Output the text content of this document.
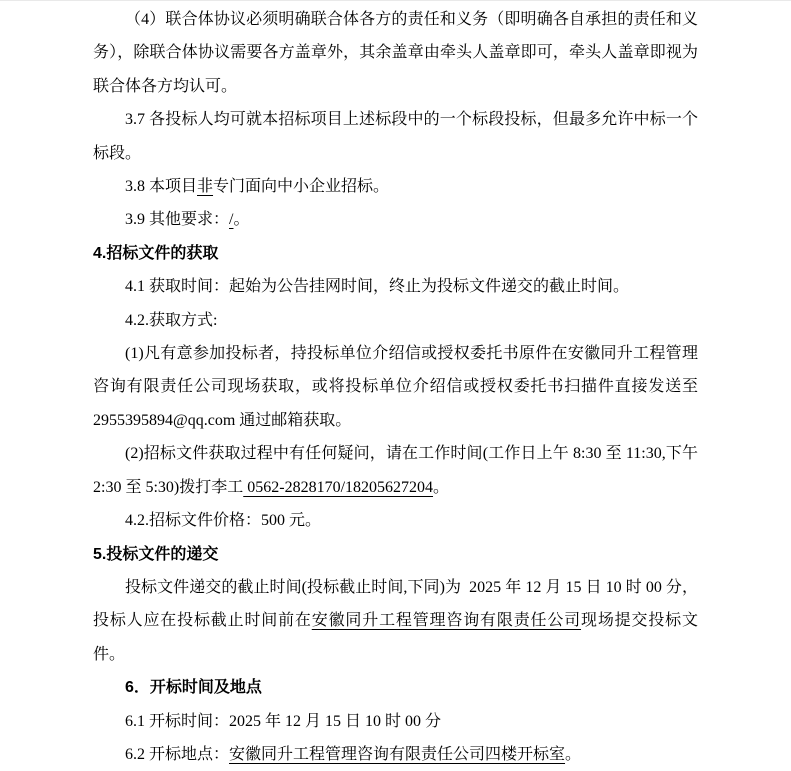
（4）联合体协议必须明确联合体各方的责任和义务（即明确各自承担的责任和义务），除联合体协议需要各方盖章外，其余盖章由牵头人盖章即可，牵头人盖章即视为联合体各方均认可。

3.7 各投标人均可就本招标项目上述标段中的一个标段投标，但最多允许中标一个标段。

3.8 本项目非专门面向中小企业招标。

3.9 其他要求：/。

4.招标文件的获取

4.1 获取时间：起始为公告挂网时间，终止为投标文件递交的截止时间。

4.2.获取方式:

(1)凡有意参加投标者，持投标单位介绍信或授权委托书原件在安徽同升工程管理咨询有限责任公司现场获取，或将投标单位介绍信或授权委托书扫描件直接发送至2955395894@qq.com 通过邮箱获取。

(2)招标文件获取过程中有任何疑问，请在工作时间(工作日上午 8:30 至 11:30,下午 2:30 至 5:30)拨打李工 0562-2828170/18205627204。

4.2.招标文件价格：500 元。

5.投标文件的递交

投标文件递交的截止时间(投标截止时间,下同)为  2025 年 12 月 15 日 10 时 00 分，投标人应在投标截止时间前在安徽同升工程管理咨询有限责任公司现场提交投标文件。

6．开标时间及地点

6.1 开标时间：2025 年 12 月 15 日 10 时 00 分

6.2 开标地点：安徽同升工程管理咨询有限责任公司四楼开标室。
